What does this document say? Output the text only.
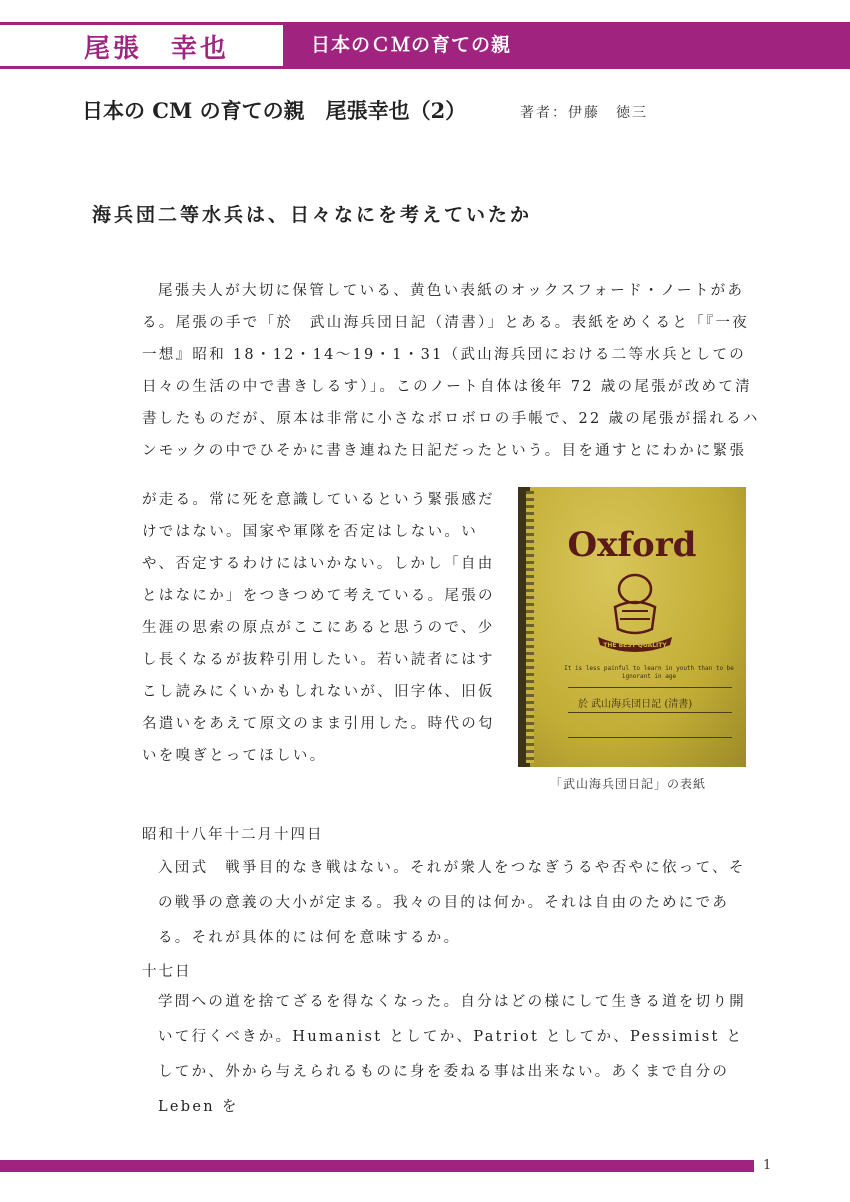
尾張　幸也	日本のＣＭの育ての親
日本の CM の育ての親　尾張幸也（2）	著者：伊藤　徳三
海兵団二等水兵は、日々なにを考えていたか

尾張夫人が大切に保管している、黄色い表紙のオックスフォード・ノートがある。尾張の手で「於　武山海兵団日記（清書）」とある。表紙をめくると「『一夜一想』昭和 18・12・14～19・1・31（武山海兵団における二等水兵としての日々の生活の中で書きしるす）」。このノート自体は後年 72 歳の尾張が改めて清書したものだが、原本は非常に小さなボロボロの手帳で、22 歳の尾張が揺れるハンモックの中でひそかに書き連ねた日記だったという。目を通すとにわかに緊張

が走る。常に死を意識しているという緊張感だけではない。国家や軍隊を否定はしない。いや、否定するわけにはいかない。しかし「自由とはなにか」をつきつめて考えている。尾張の生涯の思索の原点がここにあると思うので、少し長くなるが抜粋引用したい。若い読者にはすこし読みにくいかもしれないが、旧字体、旧仮名遣いをあえて原文のまま引用した。時代の匂いを嗅ぎとってほしい。

Oxford
THE BEST QUALITY
It is less painful to learn in youth than to be ignorant in age
於 武山海兵団日記 (清書)
「武山海兵団日記」の表紙
昭和十八年十二月十四日

入団式　戦爭目的なき戦はない。それが衆人をつなぎうるや否やに依って、その戦爭の意義の大小が定まる。我々の目的は何か。それは自由のためにである。それが具体的には何を意味するか。

十七日

学問への道を捨てざるを得なくなった。自分はどの様にして生きる道を切り開いて行くべきか。Humanist としてか、Patriot としてか、Pessimist としてか、外から与えられるものに身を委ねる事は出来ない。あくまで自分の Leben を

1
